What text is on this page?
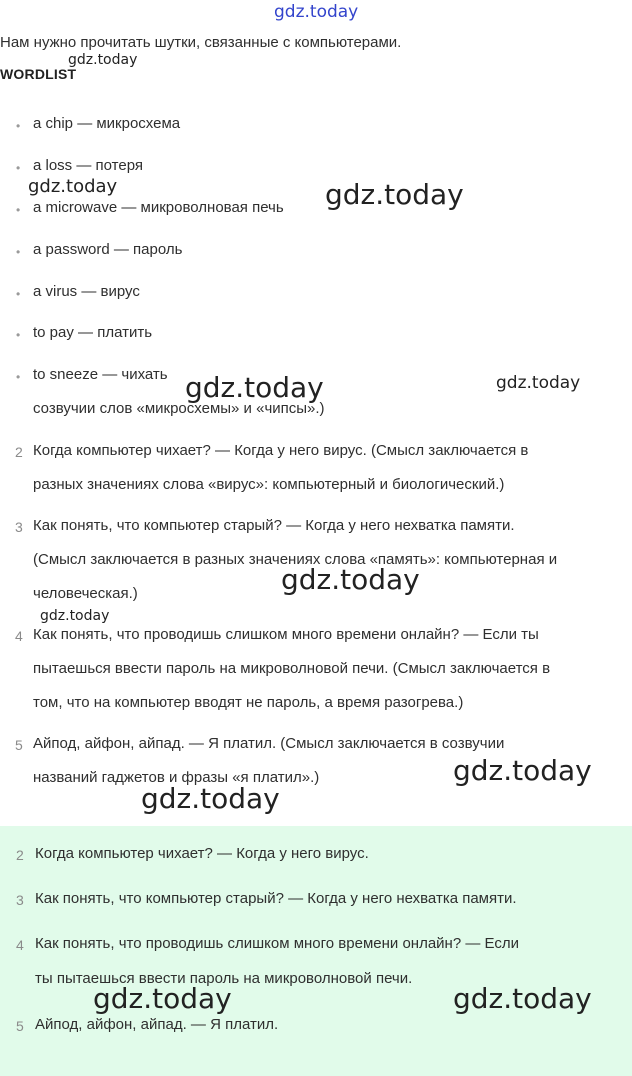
gdz.today
Нам нужно прочитать шутки, связанные с компьютерами.
WORDLIST
gdz.today
• a chip — микросхема
• a loss — потеря
• a microwave — микроволновая печь
• a password — пароль
• a virus — вирус
• to pay — платить
• to sneeze — чихать
созвучии слов «микросхемы» и «чипсы».)
2 Когда компьютер чихает? — Когда у него вирус. (Смысл заключается в
разных значениях слова «вирус»: компьютерный и биологический.)
3 Как понять, что компьютер старый? — Когда у него нехватка памяти.
(Смысл заключается в разных значениях слова «память»: компьютерная и
человеческая.)
4 Как понять, что проводишь слишком много времени онлайн? — Если ты
пытаешься ввести пароль на микроволновой печи. (Смысл заключается в
том, что на компьютер вводят не пароль, а время разогрева.)
5 Айпод, айфон, айпад. — Я платил. (Смысл заключается в созвучии
названий гаджетов и фразы «я платил».)
2 Когда компьютер чихает? — Когда у него вирус.
3 Как понять, что компьютер старый? — Когда у него нехватка памяти.
4 Как понять, что проводишь слишком много времени онлайн? — Если
ты пытаешься ввести пароль на микроволновой печи.
5 Айпод, айфон, айпад. — Я платил.
gdz.today	gdz.today
gdz.today	gdz.today
gdz.today
gdz.today
gdz.today
gdz.today
gdz.today	gdz.today
